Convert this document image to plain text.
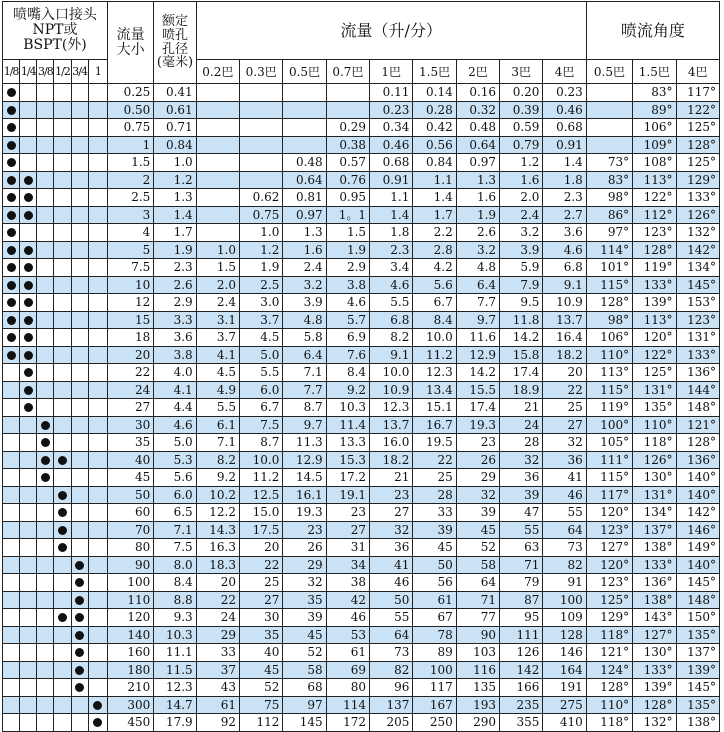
喷嘴入口接头
NPT或BSPT(外)						流量
大小	额定
喷孔
孔径
(毫米)	流量（升/分）									喷流角度		
1/8	1/4	3/8	1/2	3/4	1			0.2巴	0.3巴	0.5巴	0.7巴	1巴	1.5巴	2巴	3巴	4巴	0.5巴	1.5巴	4巴
						0.25	0.41					0.11	0.14	0.16	0.20	0.23		83°	117°
						0.50	0.61					0.23	0.28	0.32	0.39	0.46		89°	122°
						0.75	0.71				0.29	0.34	0.42	0.48	0.59	0.68		106°	125°
						1	0.84				0.38	0.46	0.56	0.64	0.79	0.91		109°	128°
						1.5	1.0			0.48	0.57	0.68	0.84	0.97	1.2	1.4	73°	108°	125°
						2	1.2			0.64	0.76	0.91	1.1	1.3	1.6	1.8	83°	113°	129°
						2.5	1.3		0.62	0.81	0.95	1.1	1.4	1.6	2.0	2.3	98°	122°	133°
						3	1.4		0.75	0.97	1。1	1.4	1.7	1.9	2.4	2.7	86°	112°	126°
						4	1.7		1.0	1.3	1.5	1.8	2.2	2.6	3.2	3.6	97°	123°	132°
						5	1.9	1.0	1.2	1.6	1.9	2.3	2.8	3.2	3.9	4.6	114°	128°	142°
						7.5	2.3	1.5	1.9	2.4	2.9	3.4	4.2	4.8	5.9	6.8	101°	119°	134°
						10	2.6	2.0	2.5	3.2	3.8	4.6	5.6	6.4	7.9	9.1	115°	133°	145°
						12	2.9	2.4	3.0	3.9	4.6	5.5	6.7	7.7	9.5	10.9	128°	139°	153°
						15	3.3	3.1	3.7	4.8	5.7	6.8	8.4	9.7	11.8	13.7	98°	113°	123°
						18	3.6	3.7	4.5	5.8	6.9	8.2	10.0	11.6	14.2	16.4	106°	120°	131°
						20	3.8	4.1	5.0	6.4	7.6	9.1	11.2	12.9	15.8	18.2	110°	122°	133°
						22	4.0	4.5	5.5	7.1	8.4	10.0	12.3	14.2	17.4	20	113°	125°	136°
						24	4.1	4.9	6.0	7.7	9.2	10.9	13.4	15.5	18.9	22	115°	131°	144°
						27	4.4	5.5	6.7	8.7	10.3	12.3	15.1	17.4	21	25	119°	135°	148°
						30	4.6	6.1	7.5	9.7	11.4	13.7	16.7	19.3	24	27	100°	110°	121°
						35	5.0	7.1	8.7	11.3	13.3	16.0	19.5	23	28	32	105°	118°	128°
						40	5.3	8.2	10.0	12.9	15.3	18.2	22	26	32	36	111°	126°	136°
						45	5.6	9.2	11.2	14.5	17.2	21	25	29	36	41	115°	130°	140°
						50	6.0	10.2	12.5	16.1	19.1	23	28	32	39	46	117°	131°	140°
						60	6.5	12.2	15.0	19.3	23	27	33	39	47	55	120°	134°	142°
						70	7.1	14.3	17.5	23	27	32	39	45	55	64	123°	137°	146°
						80	7.5	16.3	20	26	31	36	45	52	63	73	127°	138°	149°
						90	8.0	18.3	22	29	34	41	50	58	71	82	120°	133°	140°
						100	8.4	20	25	32	38	46	56	64	79	91	123°	136°	145°
						110	8.8	22	27	35	42	50	61	71	87	100	125°	138°	148°
						120	9.3	24	30	39	46	55	67	77	95	109	129°	143°	150°
						140	10.3	29	35	45	53	64	78	90	111	128	118°	127°	135°
						160	11.1	33	40	52	61	73	89	103	126	146	121°	130°	137°
						180	11.5	37	45	58	69	82	100	116	142	164	124°	133°	139°
						210	12.3	43	52	68	80	96	117	135	166	191	128°	139°	145°
						300	14.7	61	75	97	114	137	167	193	235	275	110°	128°	135°
						450	17.9	92	112	145	172	205	250	290	355	410	118°	132°	138°
